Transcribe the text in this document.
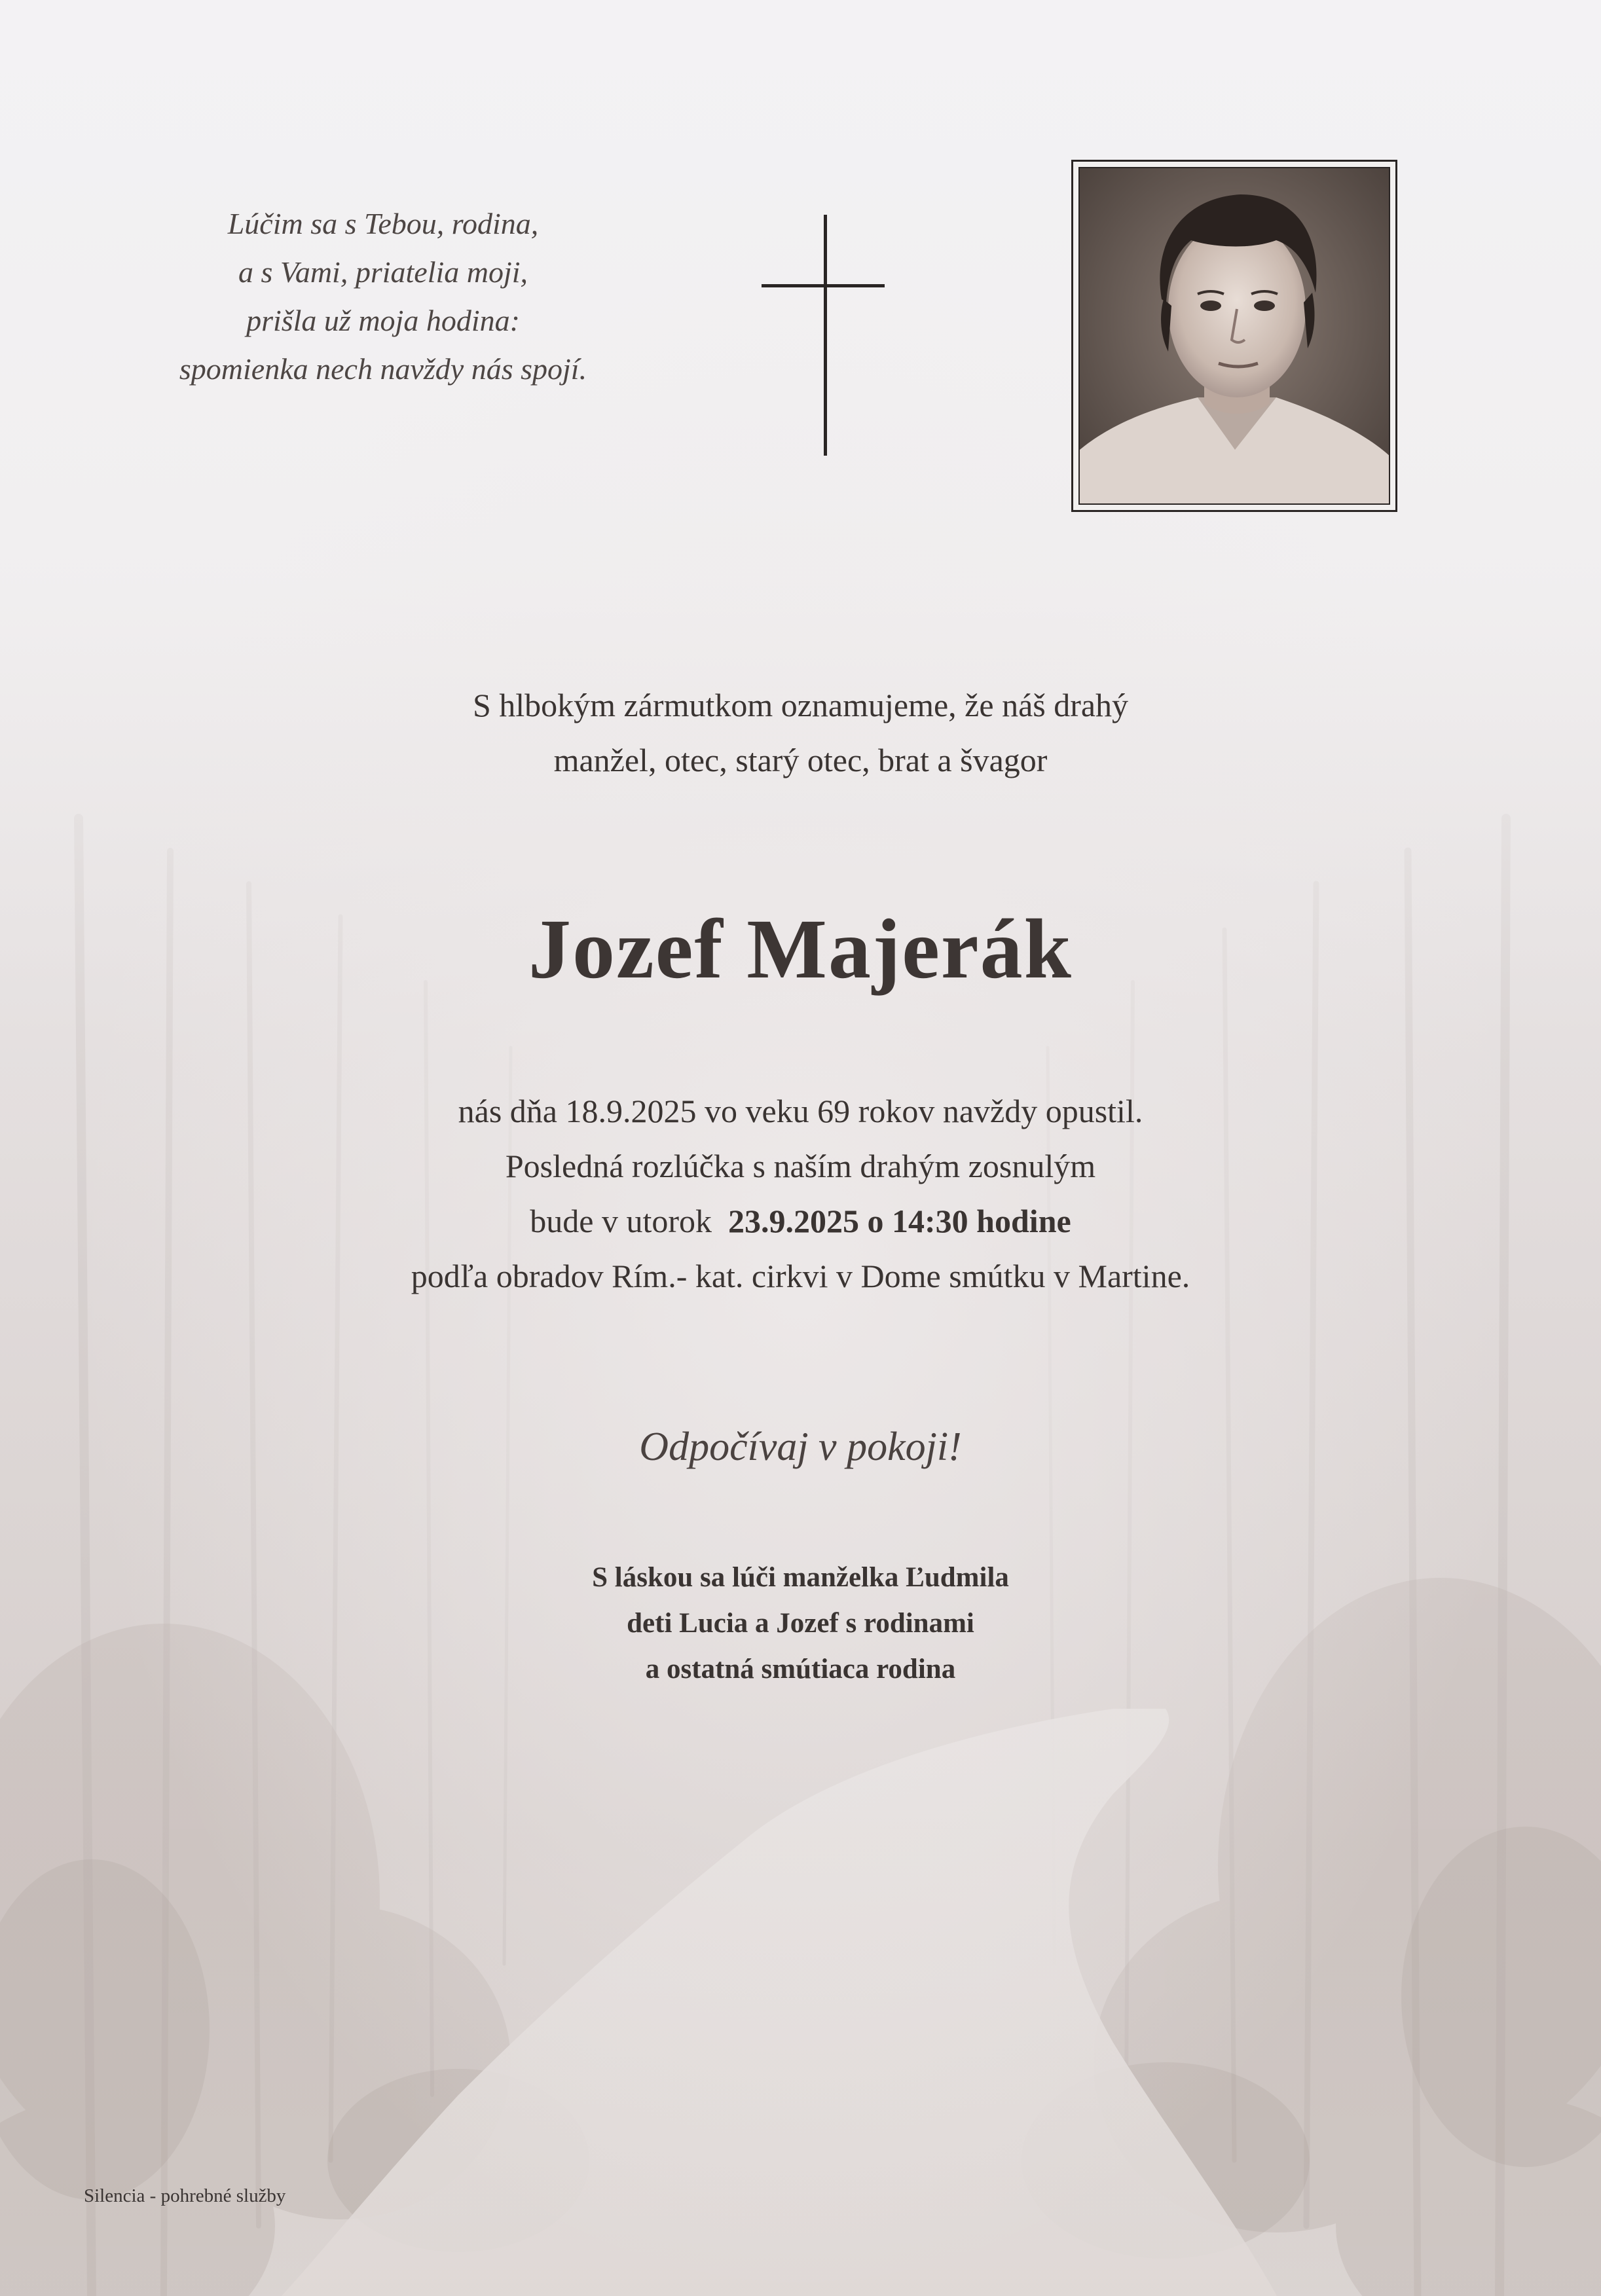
Lúčim sa s Tebou, rodina,
a s Vami, priatelia moji,
prišla už moja hodina:
spomienka nech navždy nás spojí.
S hlbokým zármutkom oznamujeme, že náš drahý
manžel, otec, starý otec, brat a švagor
Jozef Majerák
nás dňa 18.9.2025 vo veku 69 rokov navždy opustil.
Posledná rozlúčka s naším drahým zosnulým
bude v utorok 23.9.2025 o 14:30 hodine
podľa obradov Rím.- kat. cirkvi v Dome smútku v Martine.
Odpočívaj v pokoji!
S láskou sa lúči manželka Ľudmila
deti Lucia a Jozef s rodinami
a ostatná smútiaca rodina
Silencia - pohrebné služby
